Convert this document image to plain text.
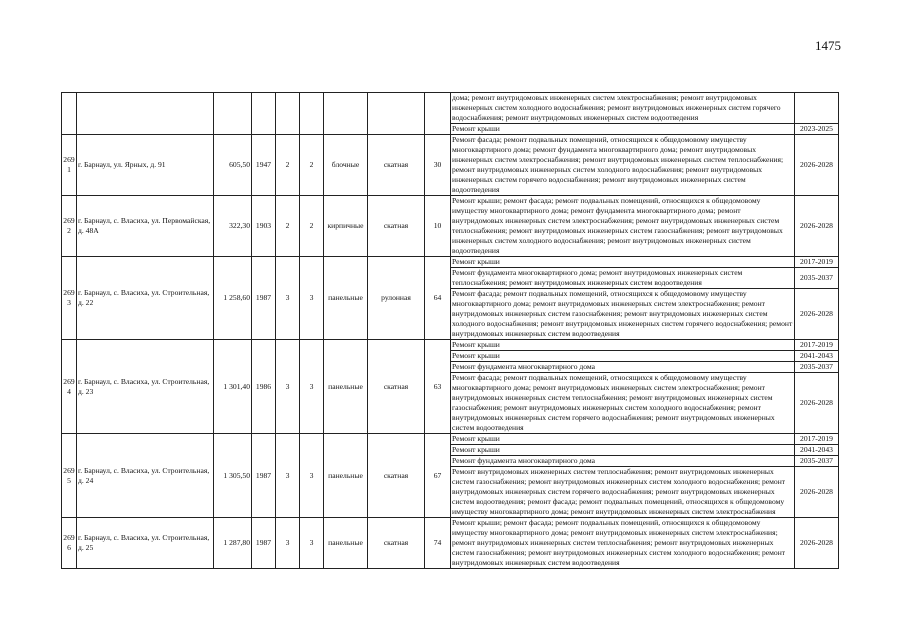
1475
									дома; ремонт внутридомовых инженерных систем электроснабжения; ремонт внутридомовых инженерных систем холодного водоснабжения; ремонт внутридомовых инженерных систем горячего водоснабжения; ремонт внутридомовых инженерных систем водоотведения	
									Ремонт крыши	2023-2025
269 1	г. Барнаул, ул. Ярных, д. 91	605,50	1947	2	2	блочные	скатная	30	Ремонт фасада; ремонт подвальных помещений, относящихся к общедомовому имуществу многоквартирного дома; ремонт фундамента многоквартирного дома; ремонт внутридомовых инженерных систем электроснабжения; ремонт внутридомовых инженерных систем теплоснабжения; ремонт внутридомовых инженерных систем холодного водоснабжения; ремонт внутридомовых инженерных систем горячего водоснабжения; ремонт внутридомовых инженерных систем водоотведения	2026-2028
269 2	г. Барнаул, с. Власиха, ул. Первомайская, д. 48А	322,30	1903	2	2	кирпичные	скатная	10	Ремонт крыши; ремонт фасада; ремонт подвальных помещений, относящихся к общедомовому имуществу многоквартирного дома; ремонт фундамента многоквартирного дома; ремонт внутридомовых инженерных систем электроснабжения; ремонт внутридомовых инженерных систем теплоснабжения; ремонт внутридомовых инженерных систем газоснабжения; ремонт внутридомовых инженерных систем холодного водоснабжения; ремонт внутридомовых инженерных систем водоотведения	2026-2028
269 3	г. Барнаул, с. Власиха, ул. Строительная, д. 22	1 258,60	1987	3	3	панельные	рулонная	64	Ремонт крыши	2017-2019
									Ремонт фундамента многоквартирного дома; ремонт внутридомовых инженерных систем теплоснабжения; ремонт внутридомовых инженерных систем водоотведения	2035-2037
									Ремонт фасада; ремонт подвальных помещений, относящихся к общедомовому имуществу многоквартирного дома; ремонт внутридомовых инженерных систем электроснабжения; ремонт внутридомовых инженерных систем газоснабжения; ремонт внутридомовых инженерных систем холодного водоснабжения; ремонт внутридомовых инженерных систем горячего водоснабжения; ремонт внутридомовых инженерных систем водоотведения	2026-2028
269 4	г. Барнаул, с. Власиха, ул. Строительная, д. 23	1 301,40	1986	3	3	панельные	скатная	63	Ремонт крыши	2017-2019
									Ремонт крыши	2041-2043
									Ремонт фундамента многоквартирного дома	2035-2037
									Ремонт фасада; ремонт подвальных помещений, относящихся к общедомовому имуществу многоквартирного дома; ремонт внутридомовых инженерных систем электроснабжения; ремонт внутридомовых инженерных систем теплоснабжения; ремонт внутридомовых инженерных систем газоснабжения; ремонт внутридомовых инженерных систем холодного водоснабжения; ремонт внутридомовых инженерных систем горячего водоснабжения; ремонт внутридомовых инженерных систем водоотведения	2026-2028
269 5	г. Барнаул, с. Власиха, ул. Строительная, д. 24	1 305,50	1987	3	3	панельные	скатная	67	Ремонт крыши	2017-2019
									Ремонт крыши	2041-2043
									Ремонт фундамента многоквартирного дома	2035-2037
									Ремонт внутридомовых инженерных систем теплоснабжения; ремонт внутридомовых инженерных систем газоснабжения; ремонт внутридомовых инженерных систем холодного водоснабжения; ремонт внутридомовых инженерных систем горячего водоснабжения; ремонт внутридомовых инженерных систем водоотведения; ремонт фасада; ремонт подвальных помещений, относящихся к общедомовому имуществу многоквартирного дома; ремонт внутридомовых инженерных систем электроснабжения	2026-2028
269 6	г. Барнаул, с. Власиха, ул. Строительная, д. 25	1 287,80	1987	3	3	панельные	скатная	74	Ремонт крыши; ремонт фасада; ремонт подвальных помещений, относящихся к общедомовому имуществу многоквартирного дома; ремонт внутридомовых инженерных систем электроснабжения; ремонт внутридомовых инженерных систем теплоснабжения; ремонт внутридомовых инженерных систем газоснабжения; ремонт внутридомовых инженерных систем холодного водоснабжения; ремонт внутридомовых инженерных систем водоотведения	2026-2028
